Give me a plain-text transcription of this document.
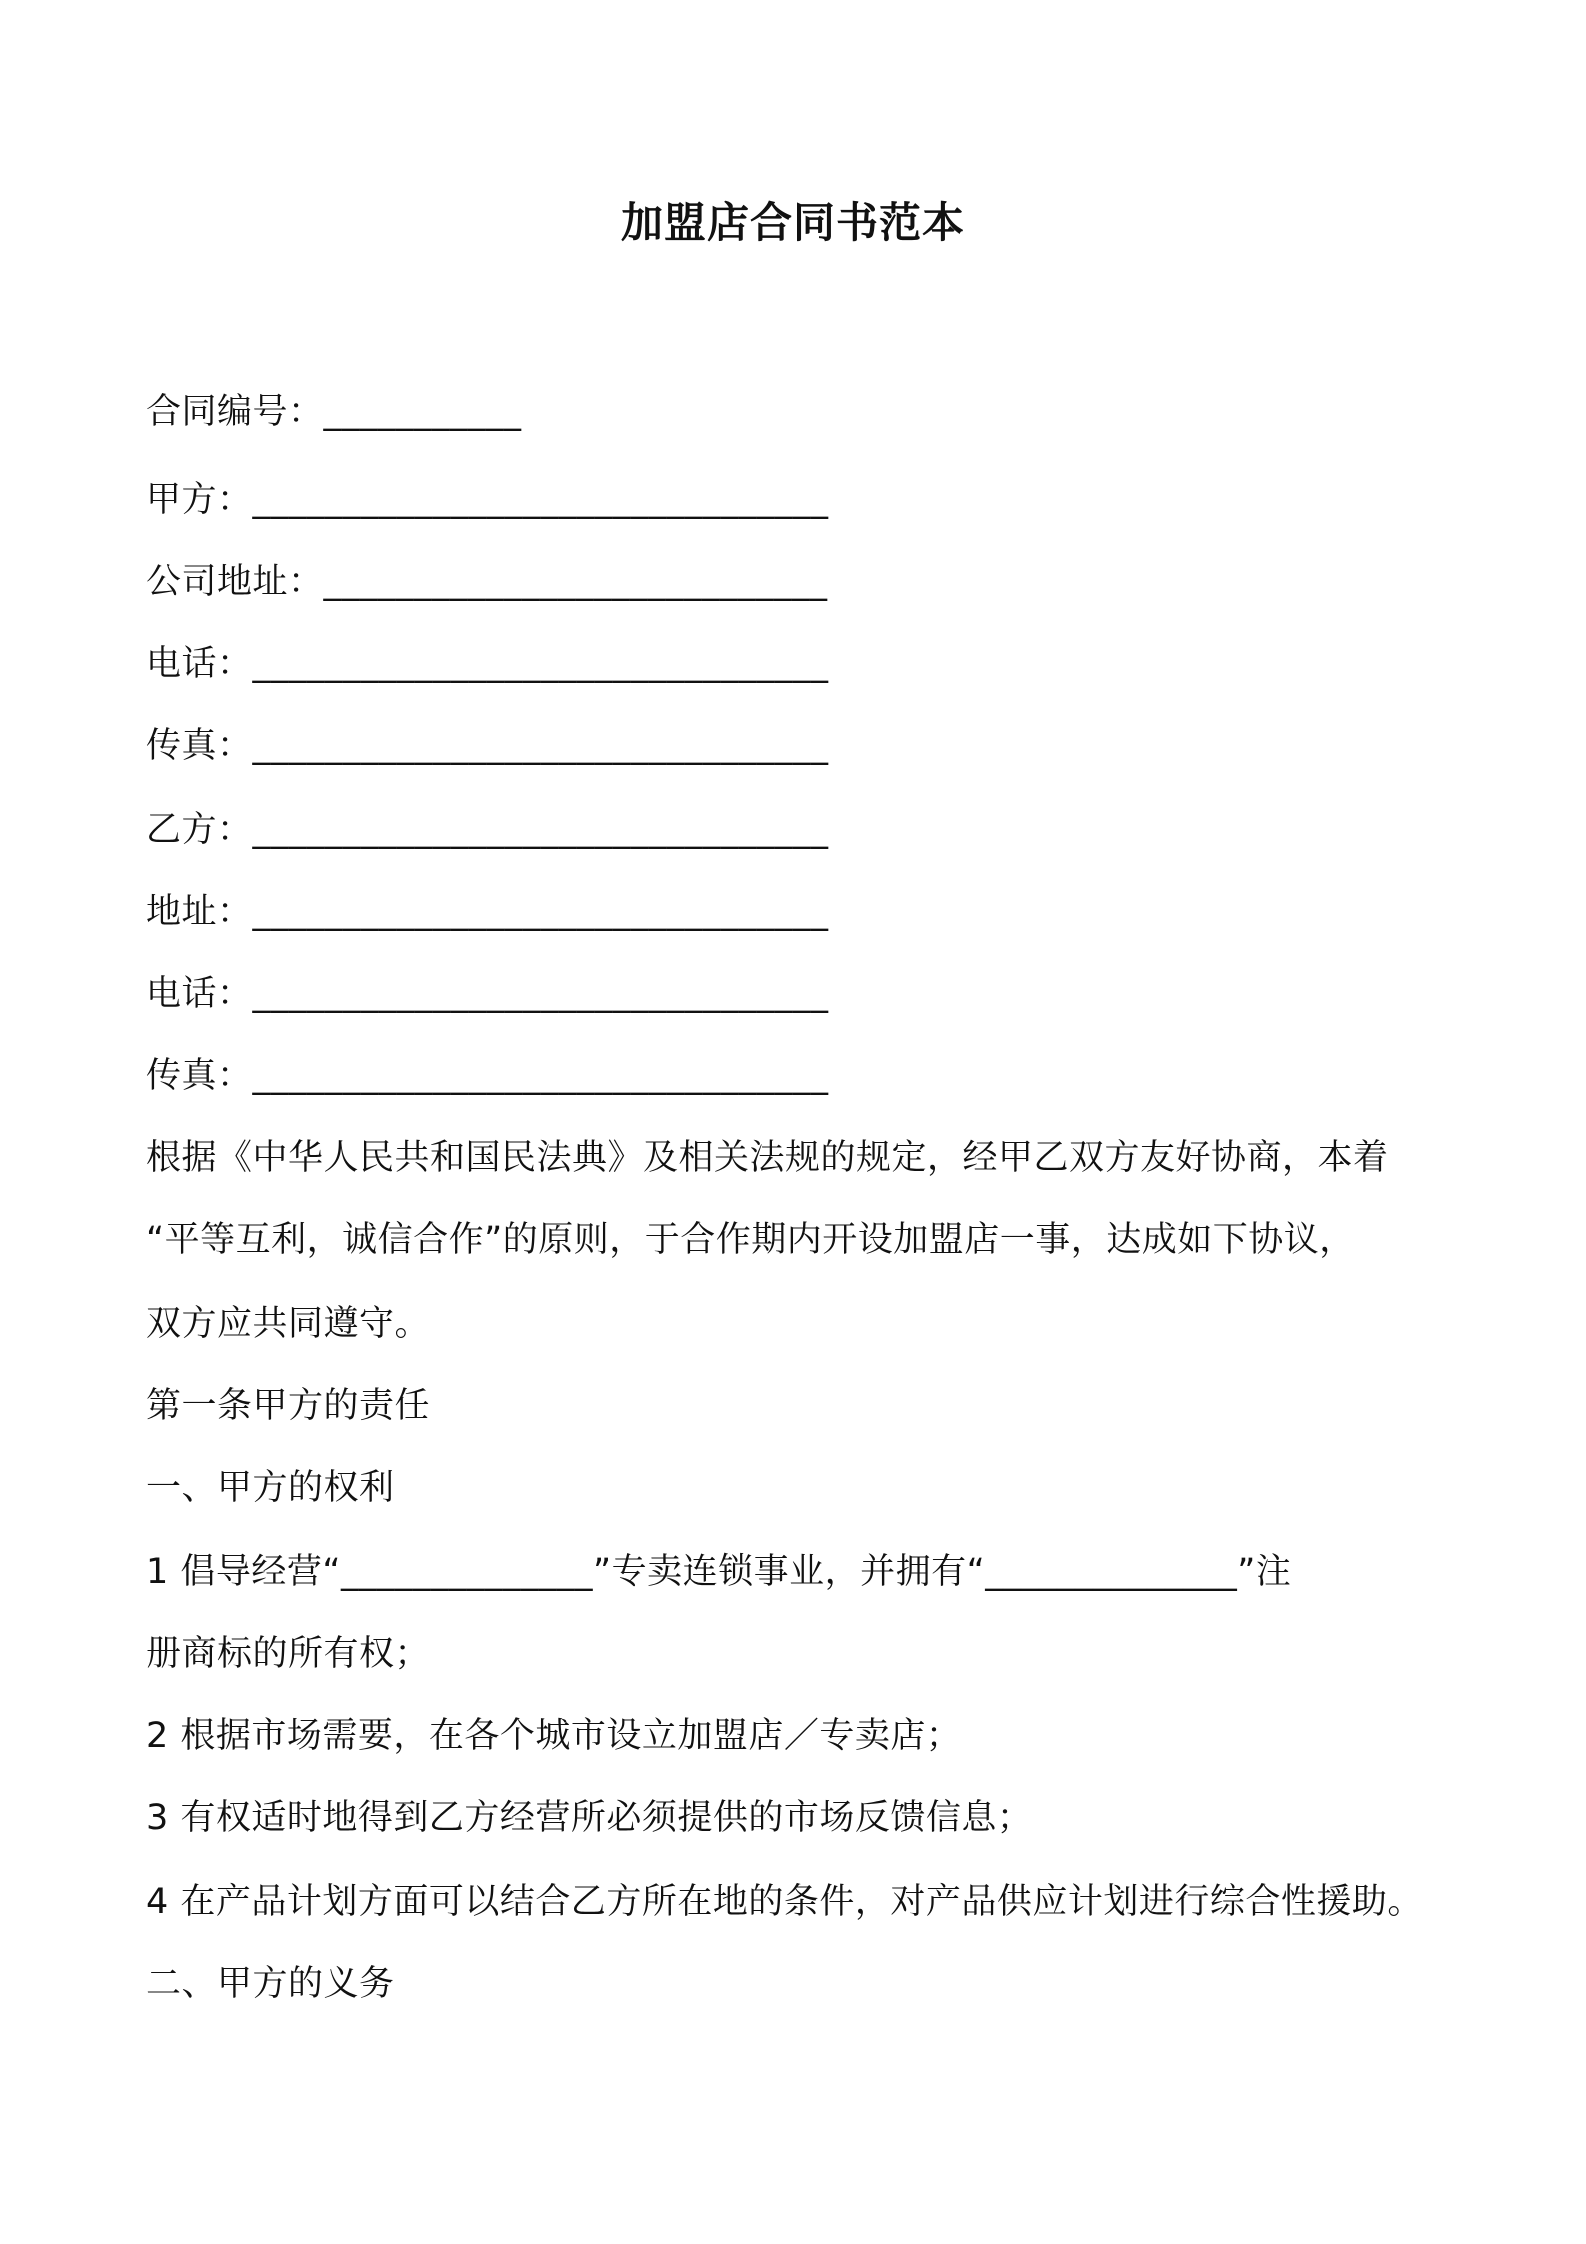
加盟店合同书范本
合同编号：___________
甲方：________________________________
公司地址：____________________________
电话：________________________________
传真：________________________________
乙方：________________________________
地址：________________________________
电话：________________________________
传真：________________________________
根据《中华人民共和国民法典》及相关法规的规定，经甲乙双方友好协商，本着
“平等互利，诚信合作”的原则，于合作期内开设加盟店一事，达成如下协议，
双方应共同遵守。
第一条甲方的责任
一、甲方的权利
1 倡导经营“______________”专卖连锁事业，并拥有“______________”注
册商标的所有权；
2 根据市场需要，在各个城市设立加盟店／专卖店；
3 有权适时地得到乙方经营所必须提供的市场反馈信息；
4 在产品计划方面可以结合乙方所在地的条件，对产品供应计划进行综合性援助。
二、甲方的义务
